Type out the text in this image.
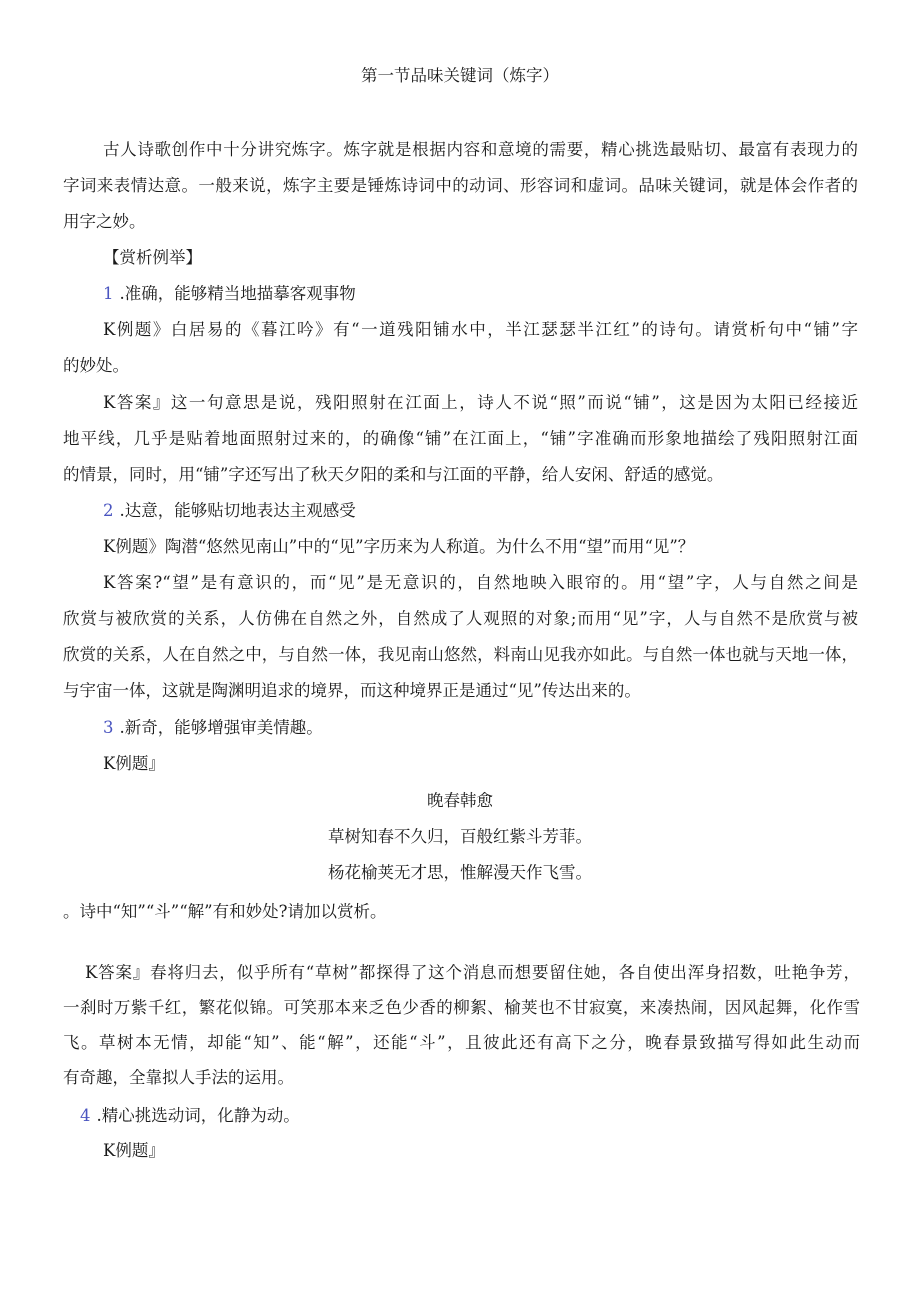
第一节品味关键词（炼字）
古人诗歌创作中十分讲究炼字。炼字就是根据内容和意境的需要，精心挑选最贴切、最富有表现力的
字词来表情达意。一般来说，炼字主要是锤炼诗词中的动词、形容词和虚词。品味关键词，就是体会作者的
用字之妙。
【赏析例举】
1 .准确，能够精当地描摹客观事物
K例题》白居易的《暮江吟》有“一道残阳铺水中，半江瑟瑟半江红”的诗句。请赏析句中“铺”字
的妙处。
K答案』这一句意思是说，残阳照射在江面上，诗人不说“照”而说“铺”，这是因为太阳已经接近
地平线，几乎是贴着地面照射过来的，的确像“铺”在江面上，“铺”字准确而形象地描绘了残阳照射江面
的情景，同时，用“铺”字还写出了秋天夕阳的柔和与江面的平静，给人安闲、舒适的感觉。
2 .达意，能够贴切地表达主观感受
K例题》陶潜“悠然见南山”中的“见”字历来为人称道。为什么不用“望”而用“见”？
K答案?“望”是有意识的，而“见”是无意识的，自然地映入眼帘的。用“望”字，人与自然之间是
欣赏与被欣赏的关系，人仿佛在自然之外，自然成了人观照的对象;而用“见”字，人与自然不是欣赏与被
欣赏的关系，人在自然之中，与自然一体，我见南山悠然，料南山见我亦如此。与自然一体也就与天地一体，
与宇宙一体，这就是陶渊明追求的境界，而这种境界正是通过“见”传达出来的。
3 .新奇，能够增强审美情趣。
K例题』
晚春韩愈
草树知春不久归，百般红紫斗芳菲。
杨花榆荚无才思，惟解漫天作飞雪。
。诗中“知”“斗”“解”有和妙处?请加以赏析。
K答案』春将归去，似乎所有“草树”都探得了这个消息而想要留住她，各自使出浑身招数，吐艳争芳，
一刹时万紫千红，繁花似锦。可笑那本来乏色少香的柳絮、榆荚也不甘寂寞，来凑热闹，因风起舞，化作雪
飞。草树本无情，却能“知”、能“解”，还能“斗”，且彼此还有高下之分，晚春景致描写得如此生动而
有奇趣，全靠拟人手法的运用。
4 .精心挑选动词，化静为动。
K例题』
